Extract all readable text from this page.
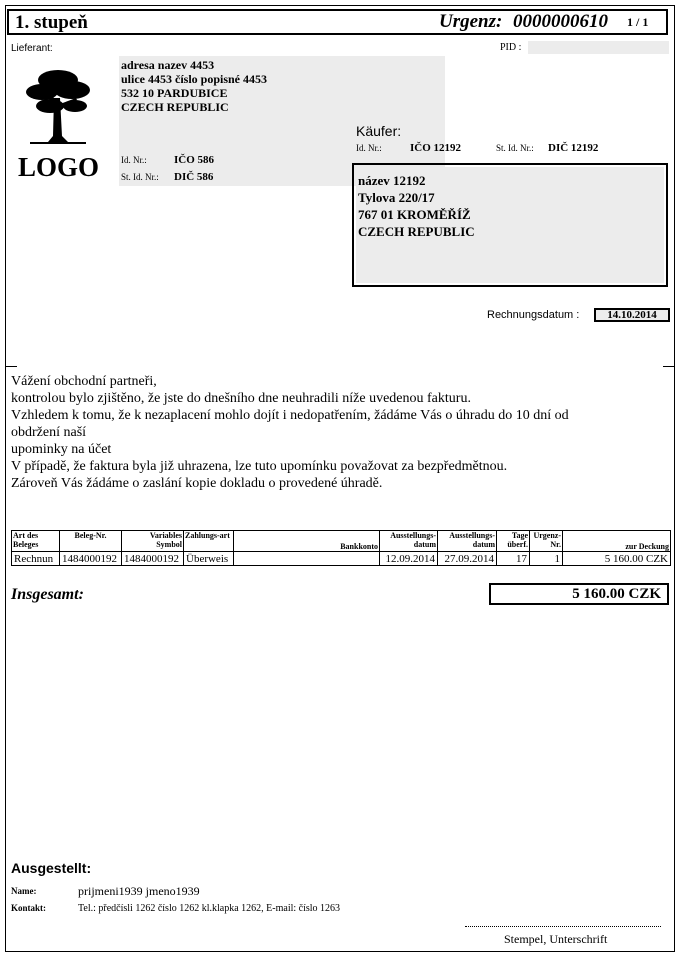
1. stupeň	Urgenz: 0000000610 1 / 1
Lieferant:	PID :
LOGO
adresa nazev 4453
ulice 4453 číslo popisné 4453
532 10 PARDUBICE
CZECH REPUBLIC
Id. Nr.: IČO 586
St. Id. Nr.: DIČ 586
Käufer:
Id. Nr.:	IČO 12192	St. Id. Nr.: DIČ 12192
název 12192
Tylova 220/17
767 01 KROMĚŘÍŽ
CZECH REPUBLIC
Rechnungsdatum :	14.10.2014
Vážení obchodní partneři,
kontrolou bylo zjištěno, že jste do dnešního dne neuhradili níže uvedenou fakturu.
Vzhledem k tomu, že k nezaplacení mohlo dojít i nedopatřením, žádáme Vás o úhradu do 10 dní od
obdržení naší
upominky na účet
V případě, že faktura byla již uhrazena, lze tuto upomínku považovat za bezpředmětnou.
Zároveň Vás žádáme o zaslání kopie dokladu o provedené úhradě.
Art des Beleges	Beleg-Nr.	Variables Symbol	Zahlungs-art	Bankkonto	Ausstellungs-datum	Ausstellungs-datum	Tage überf.	Urgenz-Nr.	zur Deckung
Rechnun	1484000192	1484000192	Überweis		12.09.2014	27.09.2014	17	1	5 160.00 CZK
Insgesamt:	5 160.00 CZK
Ausgestellt:
Name:	prijmeni1939 jmeno1939
Kontakt:	Tel.: předčísli 1262 číslo 1262 kl.klapka 1262, E-mail: číslo 1263
Stempel, Unterschrift
